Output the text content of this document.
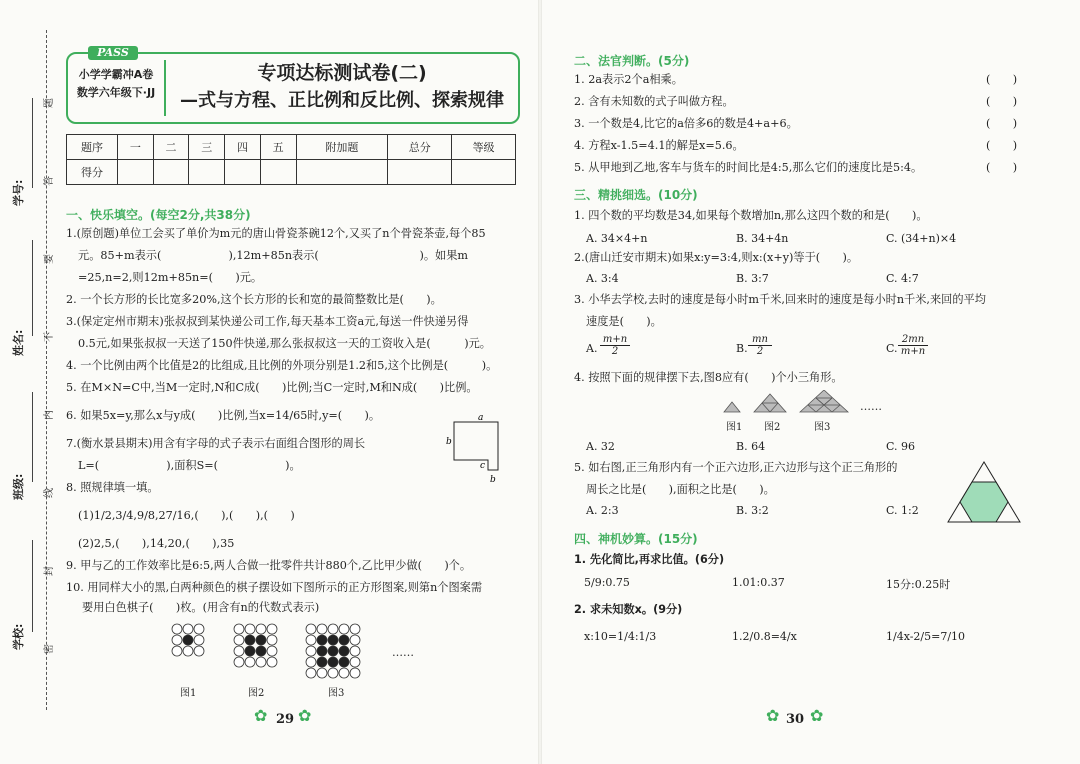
题
答
要
不
内
线
封
密
学号:
姓名:
班级:
学校:
PASS
小学学霸冲A卷
数学六年级下·JJ
专项达标测试卷(二)
—式与方程、正比例和反比例、探索规律
题序	一	二	三	四	五	附加题	总分	等级
得分								
一、快乐填空。(每空2分,共38分)
1.(原创题)单位工会买了单价为m元的唐山骨瓷茶碗12个,又买了n个骨瓷茶壶,每个85
元。85+m表示(　　　　　　),12m+85n表示(　　　　　　　　　)。如果m
=25,n=2,则12m+85n=(　　)元。
2. 一个长方形的长比宽多20%,这个长方形的长和宽的最简整数比是(　　)。
3.(保定定州市期末)张叔叔到某快递公司工作,每天基本工资a元,每送一件快递另得
0.5元,如果张叔叔一天送了150件快递,那么张叔叔这一天的工资收入是(　　　)元。
4. 一个比例由两个比值是2的比组成,且比例的外项分别是1.2和5,这个比例是(　　　)。
5. 在M×N=C中,当M一定时,N和C成(　　)比例;当C一定时,M和N成(　　)比例。
6. 如果5x=y,那么x与y成(　　)比例,当x=14/65时,y=(　　)。
7.(衡水景县期末)用含有字母的式子表示右面组合图形的周长
L=(　　　　　　),面积S=(　　　　　　)。
8. 照规律填一填。
(1)1/2,3/4,9/8,27/16,(　　),(　　),(　　)
(2)2,5,(　　),14,20,(　　),35
9. 甲与乙的工作效率比是6:5,两人合做一批零件共计880个,乙比甲少做(　　)个。
10. 用同样大小的黑,白两种颜色的棋子摆设如下图所示的正方形图案,则第n个图案需
要用白色棋子(　　)枚。(用含有n的代数式表示)
a
b
c
b
图1	图2	图3
……
✿ 29 ✿
二、法官判断。(5分)
1. 2a表示2个a相乘。	(　　)
2. 含有未知数的式子叫做方程。	(　　)
3. 一个数是4,比它的a倍多6的数是4+a+6。	(　　)
4. 方程x-1.5=4.1的解是x=5.6。	(　　)
5. 从甲地到乙地,客车与货车的时间比是4:5,那么它们的速度比是5:4。	(　　)
三、精挑细选。(10分)
1. 四个数的平均数是34,如果每个数增加n,那么这四个数的和是(　　)。
A. 34×4+n	B. 34+4n	C. (34+n)×4
2.(唐山迁安市期末)如果x:y=3:4,则x:(x+y)等于(　　)。
A. 3:4	B. 3:7	C. 4:7
3. 小华去学校,去时的速度是每小时m千米,回来时的速度是每小时n千米,来回的平均
速度是(　　)。
A.	B.	C.
$\frac{m+n}{2}$	$\frac{mn}{2}$	$\frac{2mn}{m+n}$
4. 按照下面的规律摆下去,图8应有(　　)个小三角形。
图1 图2	图3
……
A. 32	B. 64	C. 96
5. 如右图,正三角形内有一个正六边形,正六边形与这个正三角形的
周长之比是(　　),面积之比是(　　)。
A. 2:3	B. 3:2	C. 1:2
四、神机妙算。(15分)
1. 先化简比,再求比值。(6分)
5/9:0.75	1.01:0.37	15分:0.25时
2. 求未知数x。(9分)
x:10=1/4:1/3	1.2/0.8=4/x	1/4x-2/5=7/10
✿ 30 ✿
